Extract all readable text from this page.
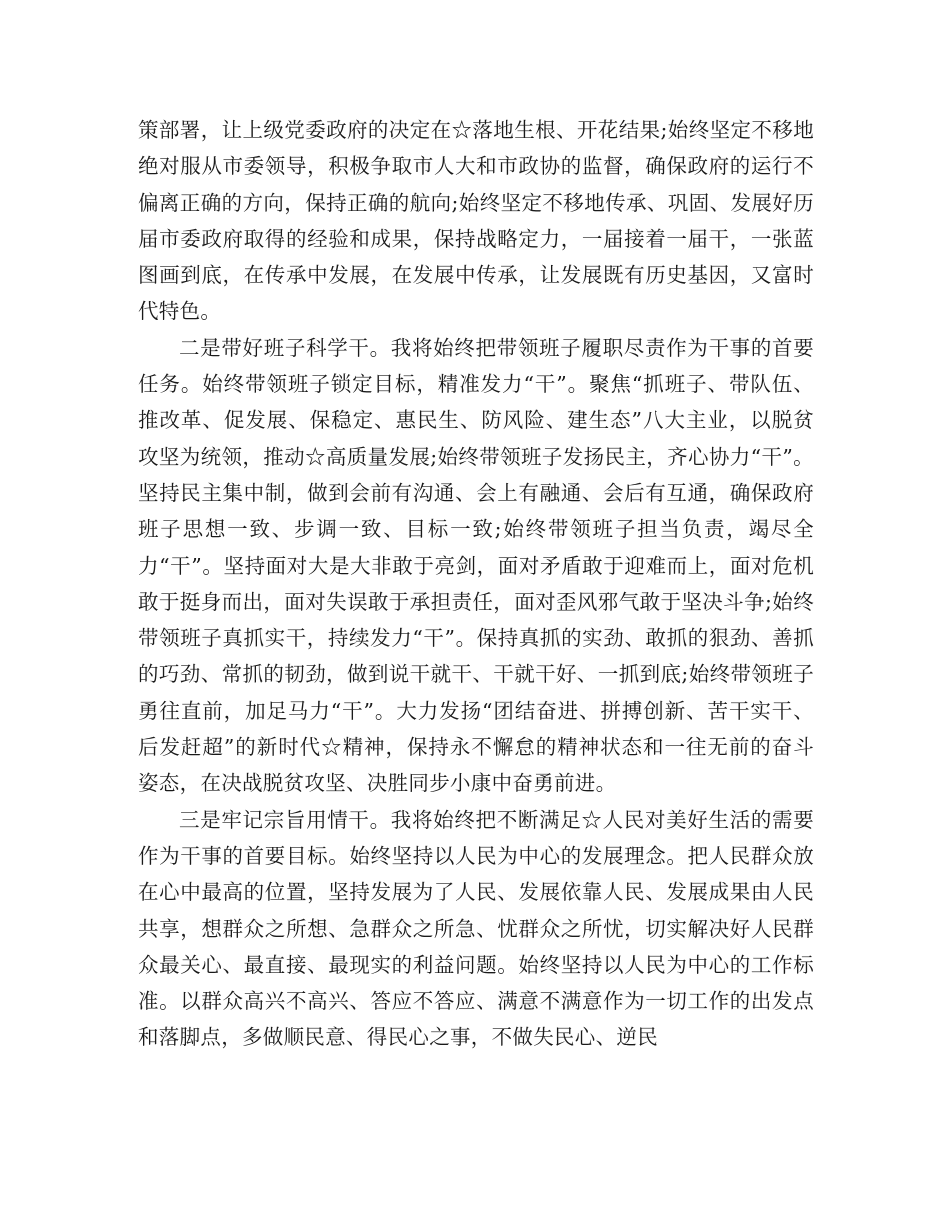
策部署，让上级党委政府的决定在☆落地生根、开花结果;始终坚定不移地绝对服从市委领导，积极争取市人大和市政协的监督，确保政府的运行不偏离正确的方向，保持正确的航向;始终坚定不移地传承、巩固、发展好历届市委政府取得的经验和成果，保持战略定力，一届接着一届干，一张蓝图画到底，在传承中发展，在发展中传承，让发展既有历史基因，又富时代特色。

二是带好班子科学干。我将始终把带领班子履职尽责作为干事的首要任务。始终带领班子锁定目标，精准发力“干”。聚焦“抓班子、带队伍、推改革、促发展、保稳定、惠民生、防风险、建生态”八大主业，以脱贫攻坚为统领，推动☆高质量发展;始终带领班子发扬民主，齐心协力“干”。坚持民主集中制，做到会前有沟通、会上有融通、会后有互通，确保政府班子思想一致、步调一致、目标一致;始终带领班子担当负责，竭尽全力“干”。坚持面对大是大非敢于亮剑，面对矛盾敢于迎难而上，面对危机敢于挺身而出，面对失误敢于承担责任，面对歪风邪气敢于坚决斗争;始终带领班子真抓实干，持续发力“干”。保持真抓的实劲、敢抓的狠劲、善抓的巧劲、常抓的韧劲，做到说干就干、干就干好、一抓到底;始终带领班子勇往直前，加足马力“干”。大力发扬“团结奋进、拼搏创新、苦干实干、后发赶超”的新时代☆精神，保持永不懈怠的精神状态和一往无前的奋斗姿态，在决战脱贫攻坚、决胜同步小康中奋勇前进。

三是牢记宗旨用情干。我将始终把不断满足☆人民对美好生活的需要作为干事的首要目标。始终坚持以人民为中心的发展理念。把人民群众放在心中最高的位置，坚持发展为了人民、发展依靠人民、发展成果由人民共享，想群众之所想、急群众之所急、忧群众之所忧，切实解决好人民群众最关心、最直接、最现实的利益问题。始终坚持以人民为中心的工作标准。以群众高兴不高兴、答应不答应、满意不满意作为一切工作的出发点和落脚点，多做顺民意、得民心之事，不做失民心、逆民
